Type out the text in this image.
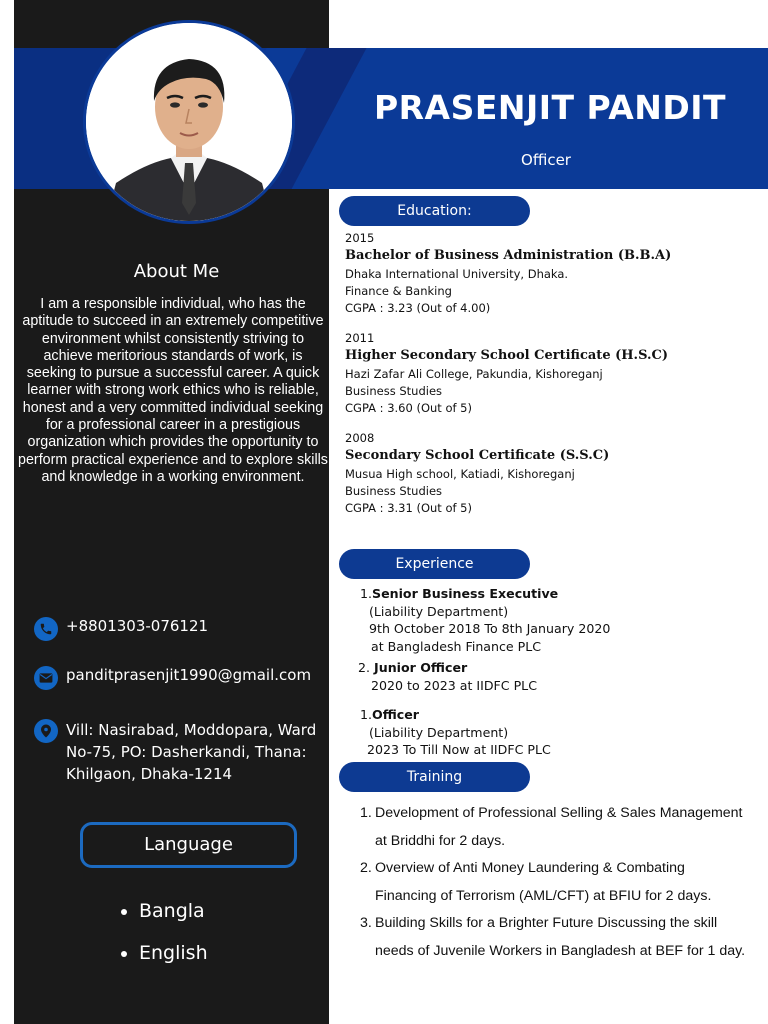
PRASENJIT PANDIT
Officer
About Me

I am a responsible individual, who has the aptitude to succeed in an extremely competitive environment whilst consistently striving to achieve meritorious standards of work, is seeking to pursue a successful career. A quick learner with strong work ethics who is reliable, honest and a very committed individual seeking for a professional career in a prestigious organization which provides the opportunity to perform practical experience and to explore skills and knowledge in a working environment.

+8801303-076121
panditprasenjit1990@gmail.com
Vill: Nasirabad, Moddopara, Ward No-75, PO: Dasherkandi, Thana: Khilgaon, Dhaka-1214
Language
• Bangla
• English
Education:
2015
Bachelor of Business Administration (B.B.A)
Dhaka International University, Dhaka.
Finance & Banking
CGPA : 3.23 (Out of 4.00)
2011
Higher Secondary School Certificate (H.S.C)
Hazi Zafar Ali College, Pakundia, Kishoreganj
Business Studies
CGPA : 3.60 (Out of 5)
2008
Secondary School Certificate (S.S.C)
Musua High school, Katiadi, Kishoreganj
Business Studies
CGPA : 3.31 (Out of 5)
Experience
1.Senior Business Executive
(Liability Department)
9th October 2018 To 8th January 2020
at Bangladesh Finance PLC
2. Junior Officer
2020 to 2023 at IIDFC PLC
1.Officer
(Liability Department)
2023 To Till Now at IIDFC PLC
Training
1. Development of Professional Selling & Sales Management
at Briddhi for 2 days.
2. Overview of Anti Money Laundering & Combating
Financing of Terrorism (AML/CFT) at BFIU for 2 days.
3. Building Skills for a Brighter Future Discussing the skill
needs of Juvenile Workers in Bangladesh at BEF for 1 day.
